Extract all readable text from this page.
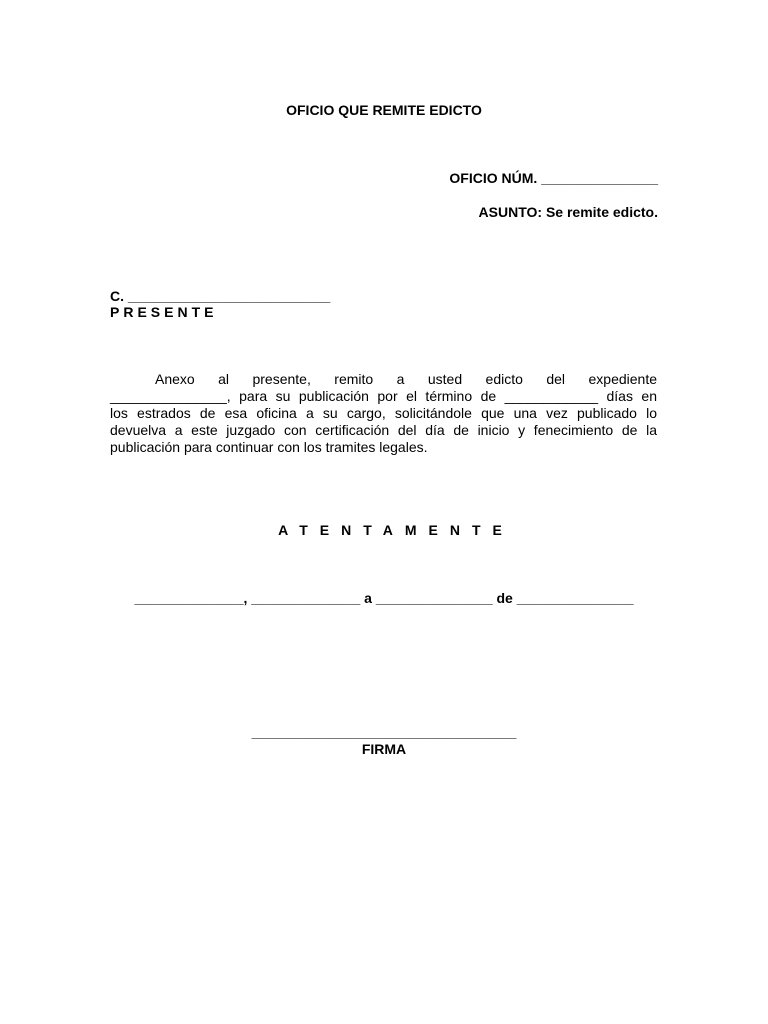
OFICIO QUE REMITE EDICTO
OFICIO NÚM. _______________
ASUNTO: Se remite edicto.
C. __________________________
PRESENTE
Anexo al presente, remito a usted edicto del expediente
_______________, para su publicación por el término de ____________ días en
los estrados de esa oficina a su cargo, solicitándole que una vez publicado lo
devuelva a este juzgado con certificación del día de inicio y fenecimiento de la
publicación para continuar con los tramites legales.
ATENTAMENTE
______________, ______________ a _______________ de _______________
__________________________________
FIRMA
